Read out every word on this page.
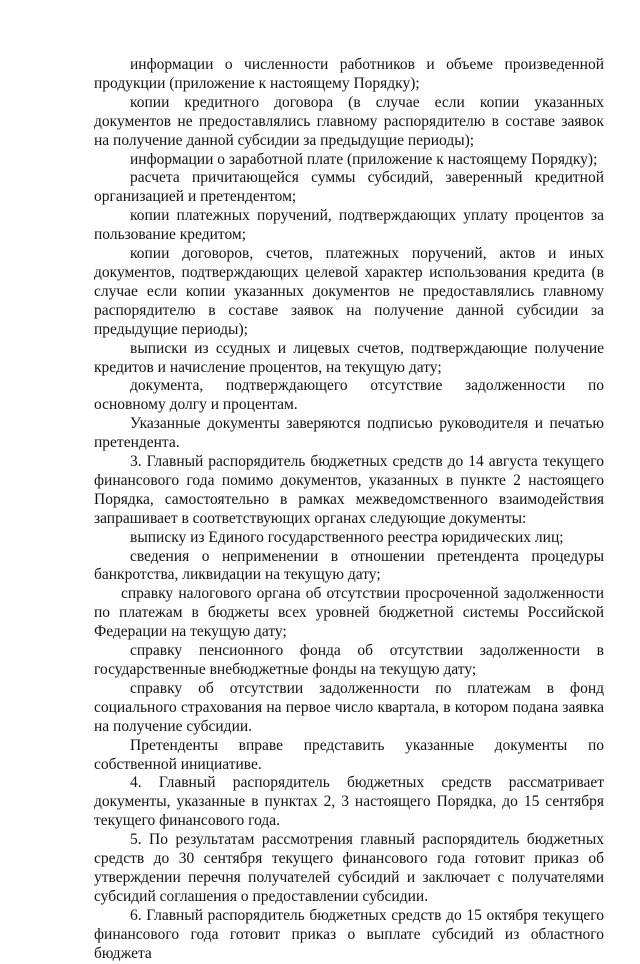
информации о численности работников и объеме произведенной продукции (приложение к настоящему Порядку);

копии кредитного договора (в случае если копии указанных документов не предоставлялись главному распорядителю в составе заявок на получение данной субсидии за предыдущие периоды);

информации о заработной плате (приложение к настоящему Порядку);

расчета причитающейся суммы субсидий, заверенный кредитной организацией и претендентом;

копии платежных поручений, подтверждающих уплату процентов за пользование кредитом;

копии договоров, счетов, платежных поручений, актов и иных документов, подтверждающих целевой характер использования кредита (в случае если копии указанных документов не предоставлялись главному распорядителю в составе заявок на получение данной субсидии за предыдущие периоды);

выписки из ссудных и лицевых счетов, подтверждающие получение кредитов и начисление процентов, на текущую дату;

документа, подтверждающего отсутствие задолженности по основному долгу и процентам.

Указанные документы заверяются подписью руководителя и печатью претендента.

3. Главный распорядитель бюджетных средств до 14 августа текущего финансового года помимо документов, указанных в пункте 2 настоящего Порядка, самостоятельно в рамках межведомственного взаимодействия запрашивает в соответствующих органах следующие документы:

выписку из Единого государственного реестра юридических лиц;

сведения о неприменении в отношении претендента процедуры банкротства, ликвидации на текущую дату;

справку налогового органа об отсутствии просроченной задолженности по платежам в бюджеты всех уровней бюджетной системы Российской Федерации на текущую дату;

справку пенсионного фонда об отсутствии задолженности в государственные внебюджетные фонды на текущую дату;

справку об отсутствии задолженности по платежам в фонд социального страхования на первое число квартала, в котором подана заявка на получение субсидии.

Претенденты вправе представить указанные документы по собственной инициативе.

4. Главный распорядитель бюджетных средств рассматривает документы, указанные в пунктах 2, 3 настоящего Порядка, до 15 сентября текущего финансового года.

5. По результатам рассмотрения главный распорядитель бюджетных средств до 30 сентября текущего финансового года готовит приказ об утверждении перечня получателей субсидий и заключает с получателями субсидий соглашения о предоставлении субсидии.

6. Главный распорядитель бюджетных средств до 15 октября текущего финансового года готовит приказ о выплате субсидий из областного бюджета
